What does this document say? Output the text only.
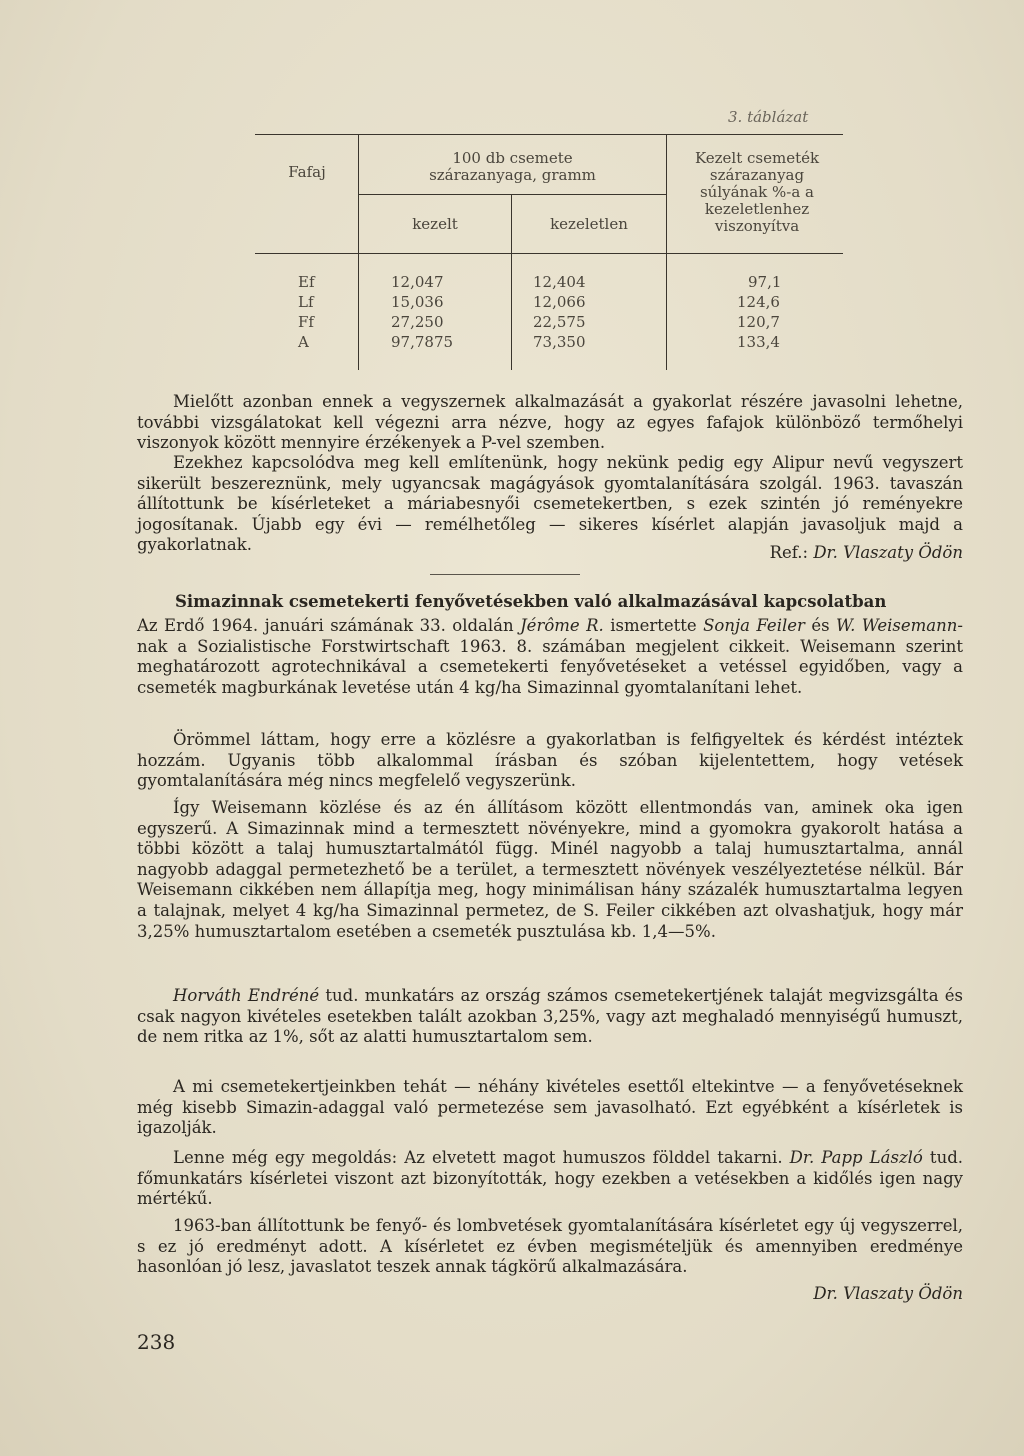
3. táblázat
Fafaj
100 db csemete szárazanyaga, gramm
kezelt	kezeletlen
Kezelt csemeték szárazanyag súlyának %-a a kezeletlenhez viszonyítva
Ef	12,047	12,404	97,1
Lf	15,036	12,066	124,6
Ff	27,250	22,575	120,7
A	97,7875	73,350	133,4

Mielőtt azonban ennek a vegyszernek alkalmazását a gyakorlat részére javasolni lehetne, további vizsgálatokat kell végezni arra nézve, hogy az egyes fafajok különböző termőhelyi viszonyok között mennyire érzékenyek a P-vel szemben.

Ezekhez kapcsolódva meg kell említenünk, hogy nekünk pedig egy Alipur nevű vegyszert sikerült beszereznünk, mely ugyancsak magágyások gyomtalanítására szolgál. 1963. tavaszán állítottunk be kísérleteket a máriabesnyői csemetekertben, s ezek szintén jó reményekre jogosítanak. Újabb egy évi — remélhetőleg — sikeres kísérlet alapján javasoljuk majd a gyakorlatnak.	Ref.: Dr. Vlaszaty Ödön

Simazinnak csemetekerti fenyővetésekben való alkalmazásával kapcsolatban

Az Erdő 1964. januári számának 33. oldalán Jérôme R. ismertette Sonja Feiler és W. Weisemann-nak a Sozialistische Forstwirtschaft 1963. 8. számában megjelent cikkeit. Weisemann szerint meghatározott agrotechnikával a csemetekerti fenyővetéseket a vetéssel egyidőben, vagy a csemeték magburkának levetése után 4 kg/ha Simazinnal gyomtalanítani lehet.

Örömmel láttam, hogy erre a közlésre a gyakorlatban is felfigyeltek és kérdést intéztek hozzám. Ugyanis több alkalommal írásban és szóban kijelentettem, hogy vetések gyomtalanítására még nincs megfelelő vegyszerünk.

Így Weisemann közlése és az én állításom között ellentmondás van, aminek oka igen egyszerű. A Simazinnak mind a termesztett növényekre, mind a gyomokra gyakorolt hatása a többi között a talaj humusztartalmától függ. Minél nagyobb a talaj humusztartalma, annál nagyobb adaggal permetezhető be a terület, a termesztett növények veszélyeztetése nélkül. Bár Weisemann cikkében nem állapítja meg, hogy minimálisan hány százalék humusztartalma legyen a talajnak, melyet 4 kg/ha Simazinnal permetez, de S. Feiler cikkében azt olvashatjuk, hogy már 3,25% humusztartalom esetében a csemeték pusztulása kb. 1,4—5%.

Horváth Endréné tud. munkatárs az ország számos csemetekertjének talaját megvizsgálta és csak nagyon kivételes esetekben talált azokban 3,25%, vagy azt meghaladó mennyiségű humuszt, de nem ritka az 1%, sőt az alatti humusztartalom sem.

A mi csemetekertjeinkben tehát — néhány kivételes esettől eltekintve — a fenyővetéseknek még kisebb Simazin-adaggal való permetezése sem javasolható. Ezt egyébként a kísérletek is igazolják.

Lenne még egy megoldás: Az elvetett magot humuszos földdel takarni. Dr. Papp László tud. főmunkatárs kísérletei viszont azt bizonyították, hogy ezekben a vetésekben a kidőlés igen nagy mértékű.

1963-ban állítottunk be fenyő- és lombvetések gyomtalanítására kísérletet egy új vegyszerrel, s ez jó eredményt adott. A kísérletet ez évben megismételjük és amennyiben eredménye hasonlóan jó lesz, javaslatot teszek annak tágkörű alkalmazására.

Dr. Vlaszaty Ödön

238
